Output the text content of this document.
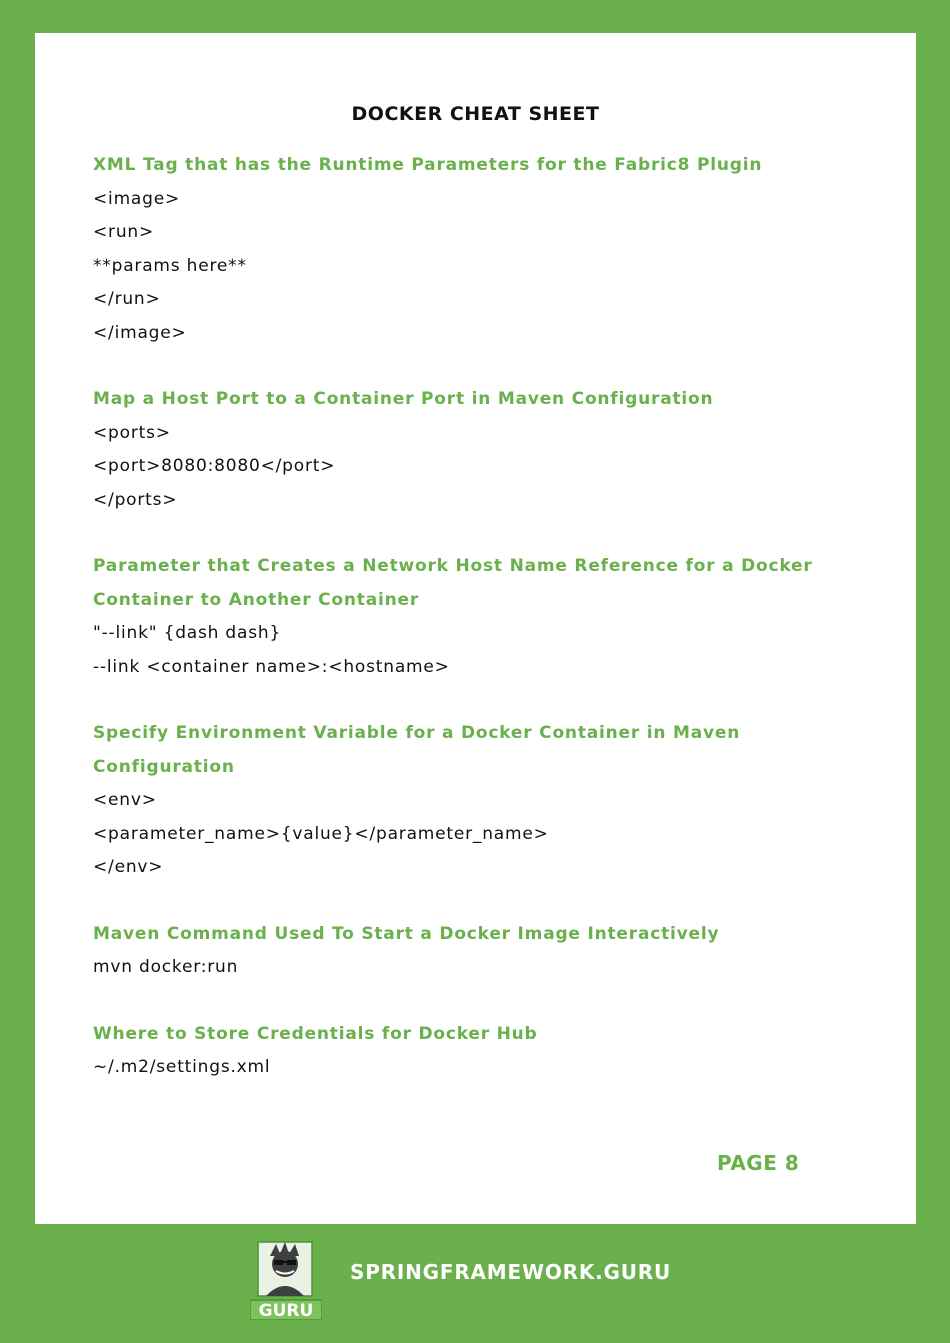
DOCKER CHEAT SHEET

XML Tag that has the Runtime Parameters for the Fabric8 Plugin

<image>

<run>

**params here**

</run>

</image>

Map a Host Port to a Container Port in Maven Configuration

<ports>

<port>8080:8080</port>

</ports>

Parameter that Creates a Network Host Name Reference for a Docker

Container to Another Container

"--link" {dash dash}

--link <container name>:<hostname>

Specify Environment Variable for a Docker Container in Maven

Configuration

<env>

<parameter_name>{value}</parameter_name>

</env>

Maven Command Used To Start a Docker Image Interactively

mvn docker:run

Where to Store Credentials for Docker Hub

~/.m2/settings.xml

PAGE 8
GURU
SPRINGFRAMEWORK.GURU
